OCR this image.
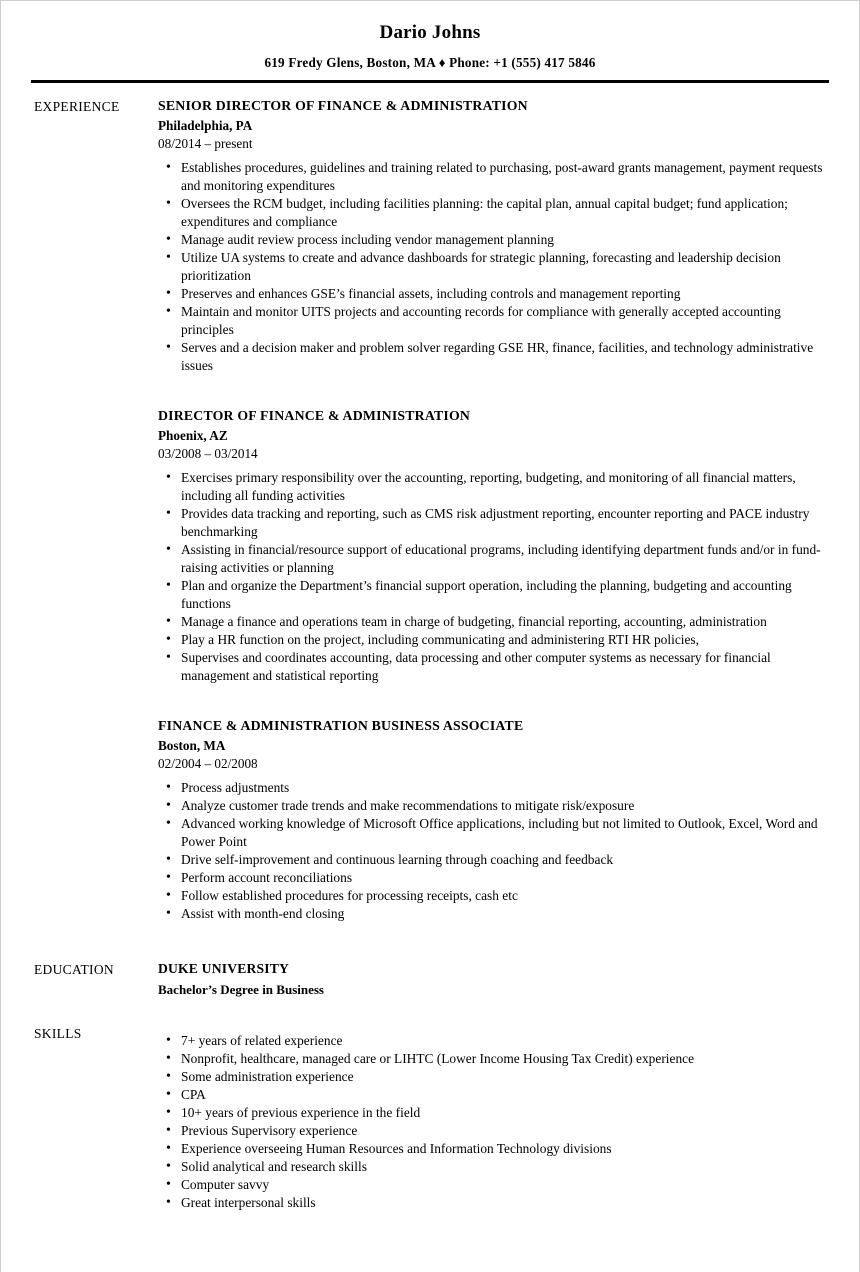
Dario Johns
619 Fredy Glens, Boston, MA ♦ Phone: +1 (555) 417 5846
EXPERIENCE	SENIOR DIRECTOR OF FINANCE & ADMINISTRATION
Philadelphia, PA
08/2014 – present
• Establishes procedures, guidelines and training related to purchasing, post-award grants management, payment requests and monitoring expenditures
• Oversees the RCM budget, including facilities planning: the capital plan, annual capital budget; fund application; expenditures and compliance
• Manage audit review process including vendor management planning
• Utilize UA systems to create and advance dashboards for strategic planning, forecasting and leadership decision prioritization
• Preserves and enhances GSE’s financial assets, including controls and management reporting
• Maintain and monitor UITS projects and accounting records for compliance with generally accepted accounting principles
• Serves and a decision maker and problem solver regarding GSE HR, finance, facilities, and technology administrative issues
DIRECTOR OF FINANCE & ADMINISTRATION
Phoenix, AZ
03/2008 – 03/2014
• Exercises primary responsibility over the accounting, reporting, budgeting, and monitoring of all financial matters, including all funding activities
• Provides data tracking and reporting, such as CMS risk adjustment reporting, encounter reporting and PACE industry benchmarking
• Assisting in financial/resource support of educational programs, including identifying department funds and/or in fund-raising activities or planning
• Plan and organize the Department’s financial support operation, including the planning, budgeting and accounting functions
• Manage a finance and operations team in charge of budgeting, financial reporting, accounting, administration
• Play a HR function on the project, including communicating and administering RTI HR policies,
• Supervises and coordinates accounting, data processing and other computer systems as necessary for financial management and statistical reporting
FINANCE & ADMINISTRATION BUSINESS ASSOCIATE
Boston, MA
02/2004 – 02/2008
• Process adjustments
• Analyze customer trade trends and make recommendations to mitigate risk/exposure
• Advanced working knowledge of Microsoft Office applications, including but not limited to Outlook, Excel, Word and Power Point
• Drive self-improvement and continuous learning through coaching and feedback
• Perform account reconciliations
• Follow established procedures for processing receipts, cash etc
• Assist with month-end closing
EDUCATION	DUKE UNIVERSITY
Bachelor’s Degree in Business
SKILLS	• 7+ years of related experience
• Nonprofit, healthcare, managed care or LIHTC (Lower Income Housing Tax Credit) experience
• Some administration experience
• CPA
• 10+ years of previous experience in the field
• Previous Supervisory experience
• Experience overseeing Human Resources and Information Technology divisions
• Solid analytical and research skills
• Computer savvy
• Great interpersonal skills
